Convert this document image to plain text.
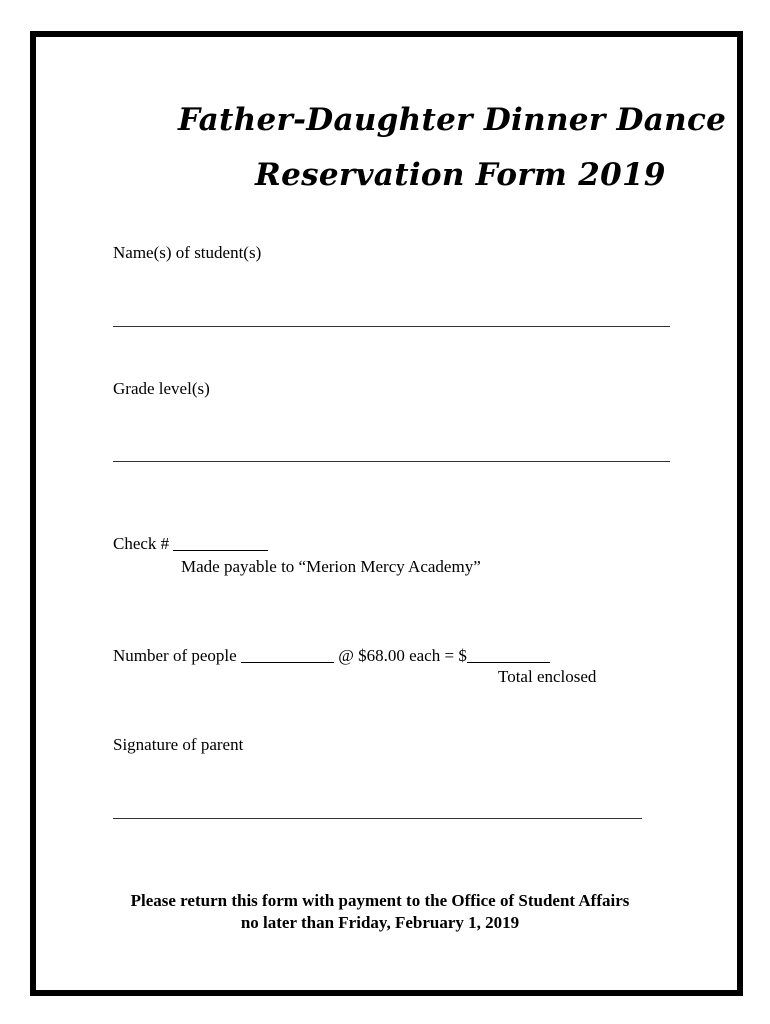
Father-Daughter Dinner Dance
Reservation Form 2019
Name(s) of student(s)
Grade level(s)
Check #
Made payable to “Merion Mercy Academy”
Number of people	@ $68.00 each = $
Total enclosed
Signature of parent
Please return this form with payment to the Office of Student Affairs
no later than Friday, February 1, 2019
